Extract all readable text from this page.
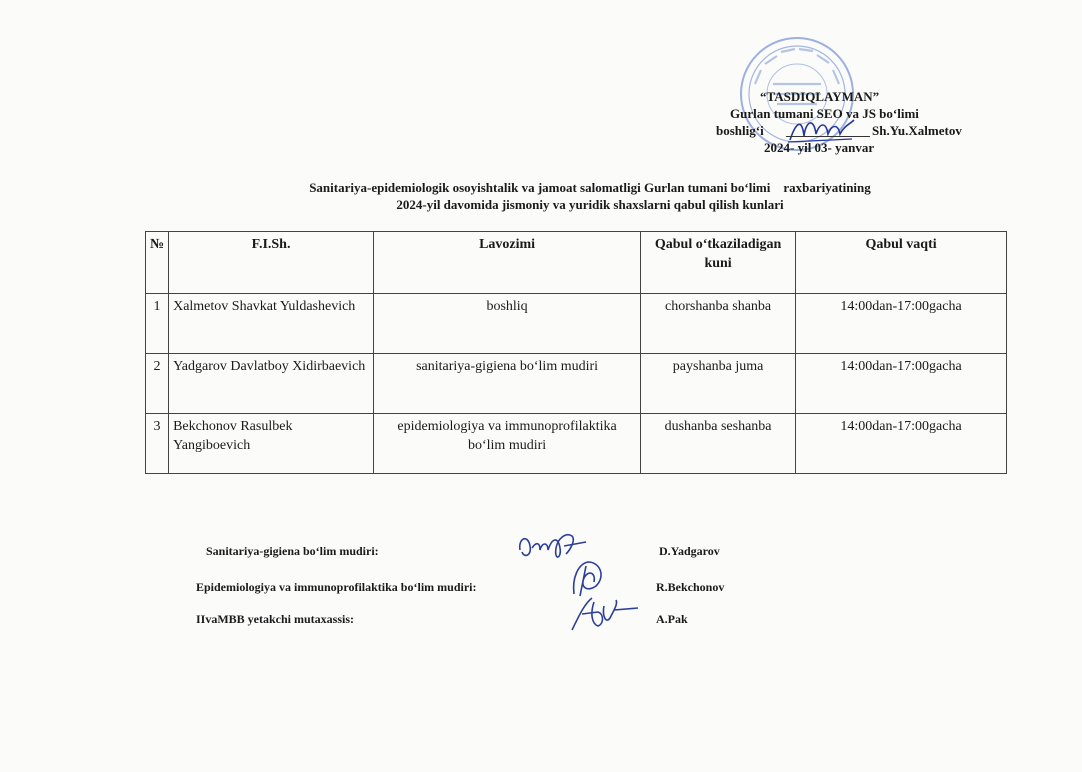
“TASDIQLAYMAN”
Gurlan tumani SEO va JS bo‘limi
boshlig‘i	Sh.Yu.Xalmetov
2024- yil 03- yanvar
Sanitariya-epidemiologik osoyishtalik va jamoat salomatligi Gurlan tumani bo‘limi    raxbariyatining
2024-yil davomida jismoniy va yuridik shaxslarni qabul qilish kunlari
№	F.I.Sh.	Lavozimi	Qabul o‘tkaziladigan kuni	Qabul vaqti
1	Xalmetov Shavkat Yuldashevich	boshliq	chorshanba shanba	14:00dan-17:00gacha
2	Yadgarov Davlatboy Xidirbaevich	sanitariya-gigiena bo‘lim mudiri	payshanba juma	14:00dan-17:00gacha
3	Bekchonov Rasulbek Yangiboevich	epidemiologiya va immunoprofilaktika bo‘lim mudiri	dushanba seshanba	14:00dan-17:00gacha
Sanitariya-gigiena bo‘lim mudiri:	D.Yadgarov
Epidemiologiya va immunoprofilaktika bo‘lim mudiri:	R.Bekchonov
IIvaMBB yetakchi mutaxassis:	A.Pak
